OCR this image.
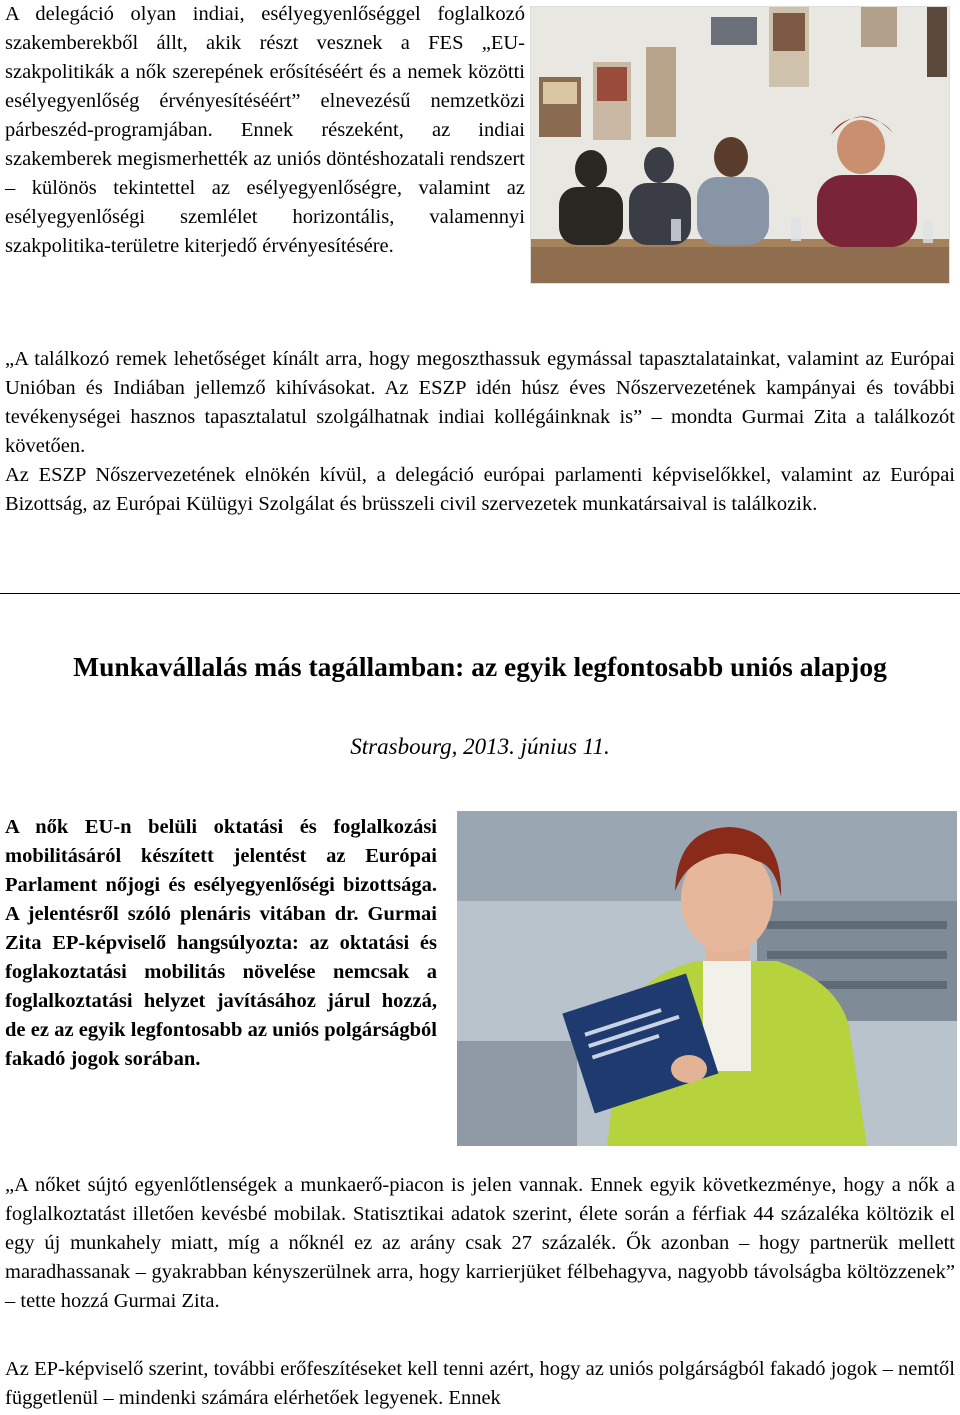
A delegáció olyan indiai, esélyegyenlőséggel foglalkozó szakemberekből állt, akik részt vesznek a FES „EU-szakpolitikák a nők szerepének erősítéséért és a nemek közötti esélyegyenlőség érvényesítéséért” elnevezésű nemzetközi párbeszéd-programjában. Ennek részeként, az indiai szakemberek megismerhették az uniós döntéshozatali rendszert – különös tekintettel az esélyegyenlőségre, valamint az esélyegyenlőségi szemlélet horizontális, valamennyi szakpolitika-területre kiterjedő érvényesítésére.

„A találkozó remek lehetőséget kínált arra, hogy megoszthassuk egymással tapasztalatainkat, valamint az Európai Unióban és Indiában jellemző kihívásokat. Az ESZP idén húsz éves Nőszervezetének kampányai és további tevékenységei hasznos tapasztalatul szolgálhatnak indiai kollégáinknak is” – mondta Gurmai Zita a találkozót követően.

Az ESZP Nőszervezetének elnökén kívül, a delegáció európai parlamenti képviselőkkel, valamint az Európai Bizottság, az Európai Külügyi Szolgálat és brüsszeli civil szervezetek munkatársaival is találkozik.

Munkavállalás más tagállamban: az egyik legfontosabb uniós alapjog

Strasbourg, 2013. június 11.

A nők EU-n belüli oktatási és foglalkozási mobilitásáról készített jelentést az Európai Parlament nőjogi és esélyegyenlőségi bizottsága. A jelentésről szóló plenáris vitában dr. Gurmai Zita EP-képviselő hangsúlyozta: az oktatási és foglakoztatási mobilitás növelése nemcsak a foglalkoztatási helyzet javításához járul hozzá, de ez az egyik legfontosabb az uniós polgárságból fakadó jogok sorában.

„A nőket sújtó egyenlőtlenségek a munkaerő-piacon is jelen vannak. Ennek egyik következménye, hogy a nők a foglalkoztatást illetően kevésbé mobilak. Statisztikai adatok szerint, élete során a férfiak 44 százaléka költözik el egy új munkahely miatt, míg a nőknél ez az arány csak 27 százalék. Ők azonban – hogy partnerük mellett maradhassanak – gyakrabban kényszerülnek arra, hogy karrierjüket félbehagyva, nagyobb távolságba költözzenek” – tette hozzá Gurmai Zita.

Az EP-képviselő szerint, további erőfeszítéseket kell tenni azért, hogy az uniós polgárságból fakadó jogok – nemtől függetlenül – mindenki számára elérhetőek legyenek. Ennek
